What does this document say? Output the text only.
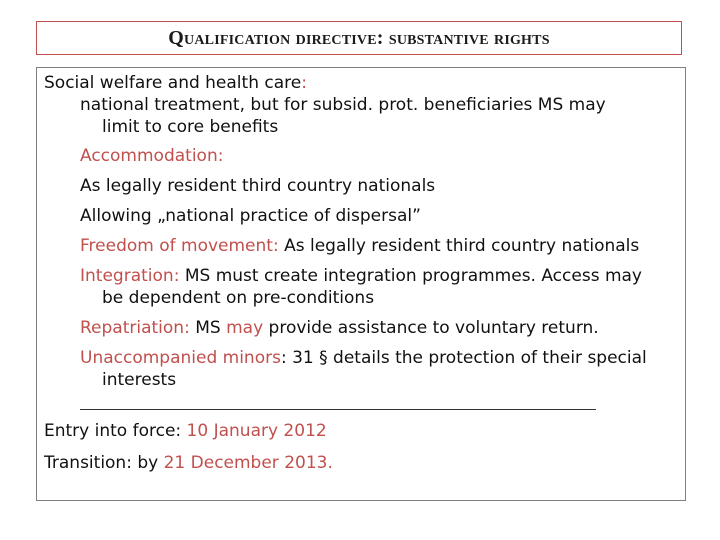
Qualification directive: substantive rights
Social welfare and health care:
national treatment, but for subsid. prot. beneficiaries MS may
limit to core benefits
Accommodation:
As legally resident third country nationals
Allowing „national practice of dispersal”
Freedom of movement: As legally resident third country nationals
Integration: MS must create integration programmes. Access may
be dependent on pre-conditions
Repatriation: MS may provide assistance to voluntary return.
Unaccompanied minors: 31 § details the protection of their special
interests
Entry into force: 10 January 2012
Transition: by 21 December 2013.
